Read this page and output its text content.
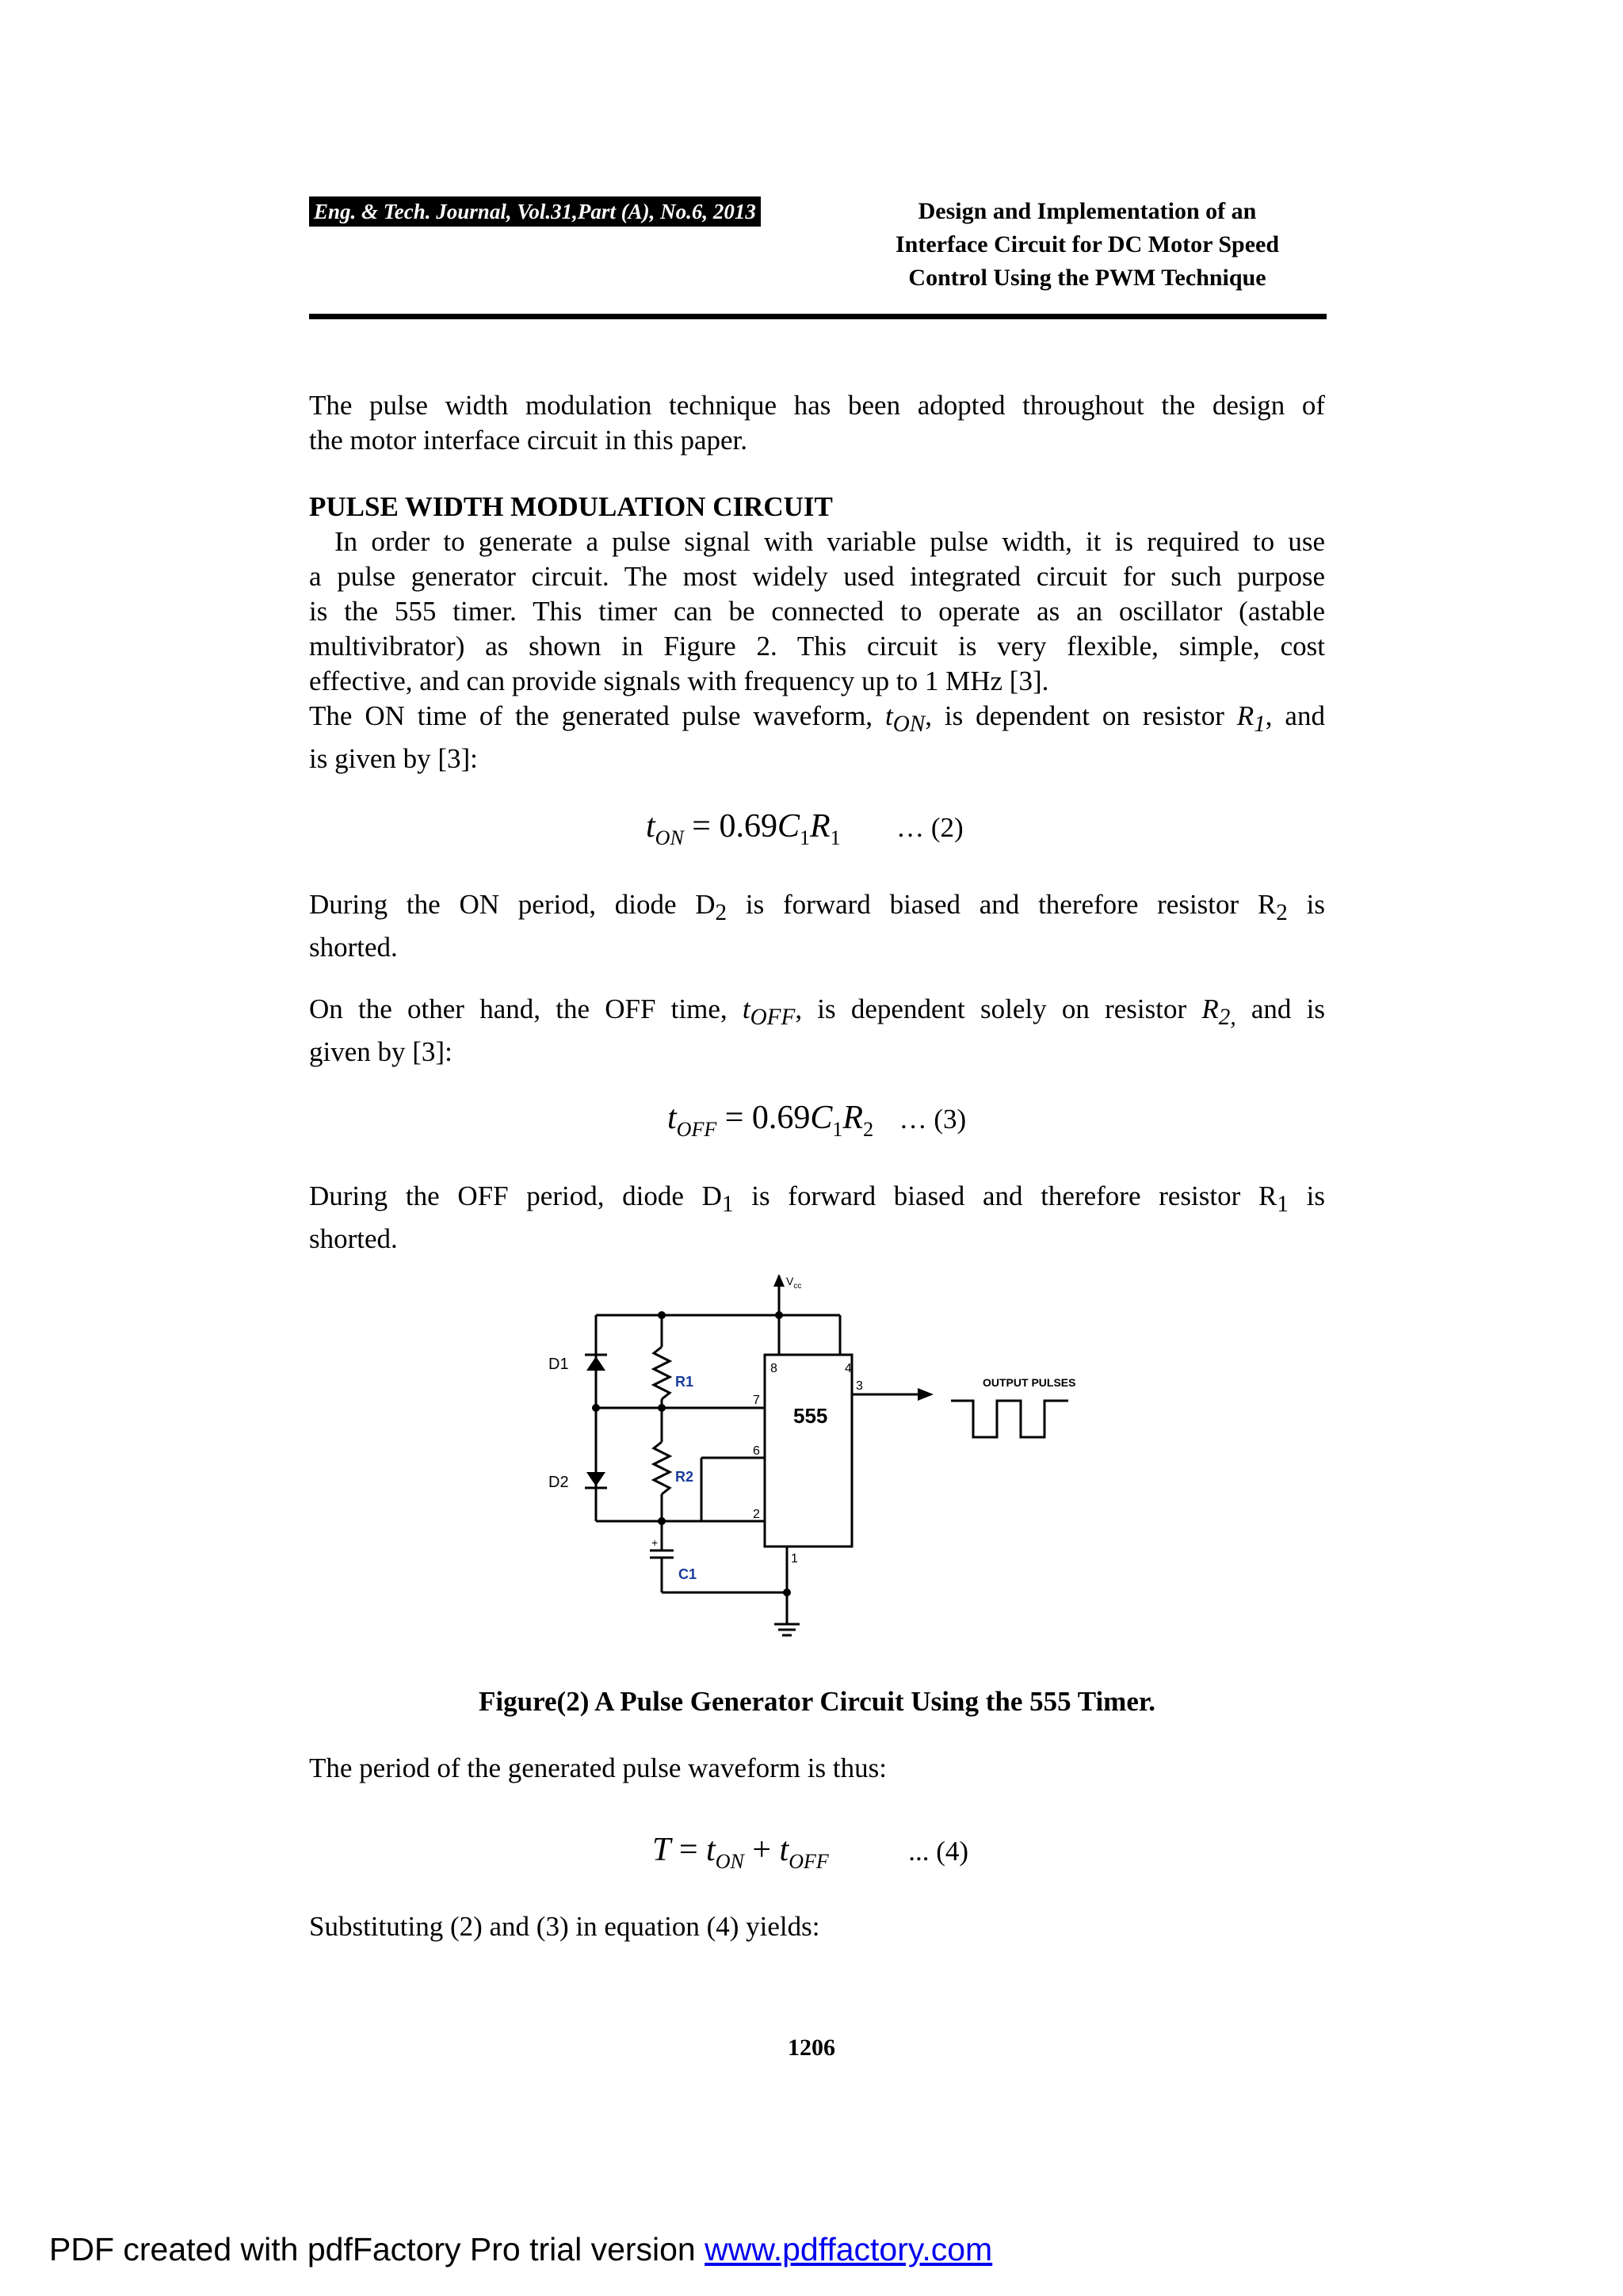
Eng. & Tech. Journal, Vol.31,Part (A), No.6, 2013	Design and Implementation of an
Interface Circuit for DC Motor Speed
Control Using the PWM Technique
The pulse width modulation technique has been adopted throughout the design of
the motor interface circuit in this paper.
PULSE WIDTH MODULATION CIRCUIT
In order to generate a pulse signal with variable pulse width, it is required to use
a pulse generator circuit. The most widely used integrated circuit for such purpose
is the 555 timer. This timer can be connected to operate as an oscillator (astable
multivibrator) as shown in Figure 2. This circuit is very flexible, simple, cost
effective, and can provide signals with frequency up to 1 MHz [3].
The ON time of the generated pulse waveform, $t_{ON}$, is dependent on resistor $R_1$, and
is given by [3]:
$t_{ON} = 0.69C_1R_1$ … (2)
During the ON period, diode $D_2$ is forward biased and therefore resistor $R_2$ is
shorted.
On the other hand, the OFF time, $t_{OFF}$, is dependent solely on resistor $R_{2,}$ and is
given by [3]:
$t_{OFF} = 0.69C_1R_2$ … (3)
During the OFF period, diode $D_1$ is forward biased and therefore resistor $R_1$ is
shorted.
$V_{cc}$
D1
D2
R1
R2
C1
555
8	4
7
6
2
3
1
OUTPUT PULSES
+
Figure(2) A Pulse Generator Circuit Using the 555 Timer.
The period of the generated pulse waveform is thus:
$T = t_{ON} + t_{OFF}$	... (4)
Substituting (2) and (3) in equation (4) yields:
1206
PDF created with pdfFactory Pro trial version www.pdffactory.com
